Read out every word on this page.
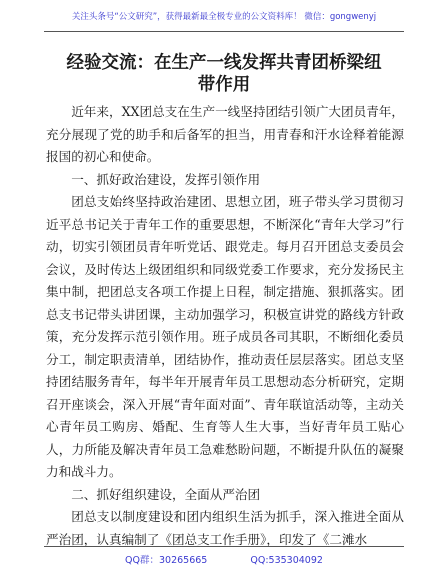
关注头条号“公文研究”，获得最新最全极专业的公文资料库！ 微信：gongwenyj
经验交流：在生产一线发挥共青团桥梁纽带作用

近年来，XX团总支在生产一线坚持团结引领广大团员青年，充分展现了党的助手和后备军的担当，用青春和汗水诠释着能源报国的初心和使命。

一、抓好政治建设，发挥引领作用

团总支始终坚持政治建团、思想立团，班子带头学习贯彻习近平总书记关于青年工作的重要思想，不断深化“青年大学习”行动，切实引领团员青年听党话、跟党走。每月召开团总支委员会会议，及时传达上级团组织和同级党委工作要求，充分发扬民主集中制，把团总支各项工作提上日程，制定措施、狠抓落实。团总支书记带头讲团课，主动加强学习，积极宣讲党的路线方针政策，充分发挥示范引领作用。班子成员各司其职，不断细化委员分工，制定职责清单，团结协作，推动责任层层落实。团总支坚持团结服务青年，每半年开展青年员工思想动态分析研究，定期召开座谈会，深入开展“青年面对面”、青年联谊活动等，主动关心青年员工购房、婚配、生育等人生大事，当好青年员工贴心人，力所能及解决青年员工急难愁盼问题，不断提升队伍的凝聚力和战斗力。

二、抓好组织建设，全面从严治团

团总支以制度建设和团内组织生活为抓手，深入推进全面从严治团，认真编制了《团总支工作手册》，印发了《二滩水

QQ群：30265665	QQ:535304092
